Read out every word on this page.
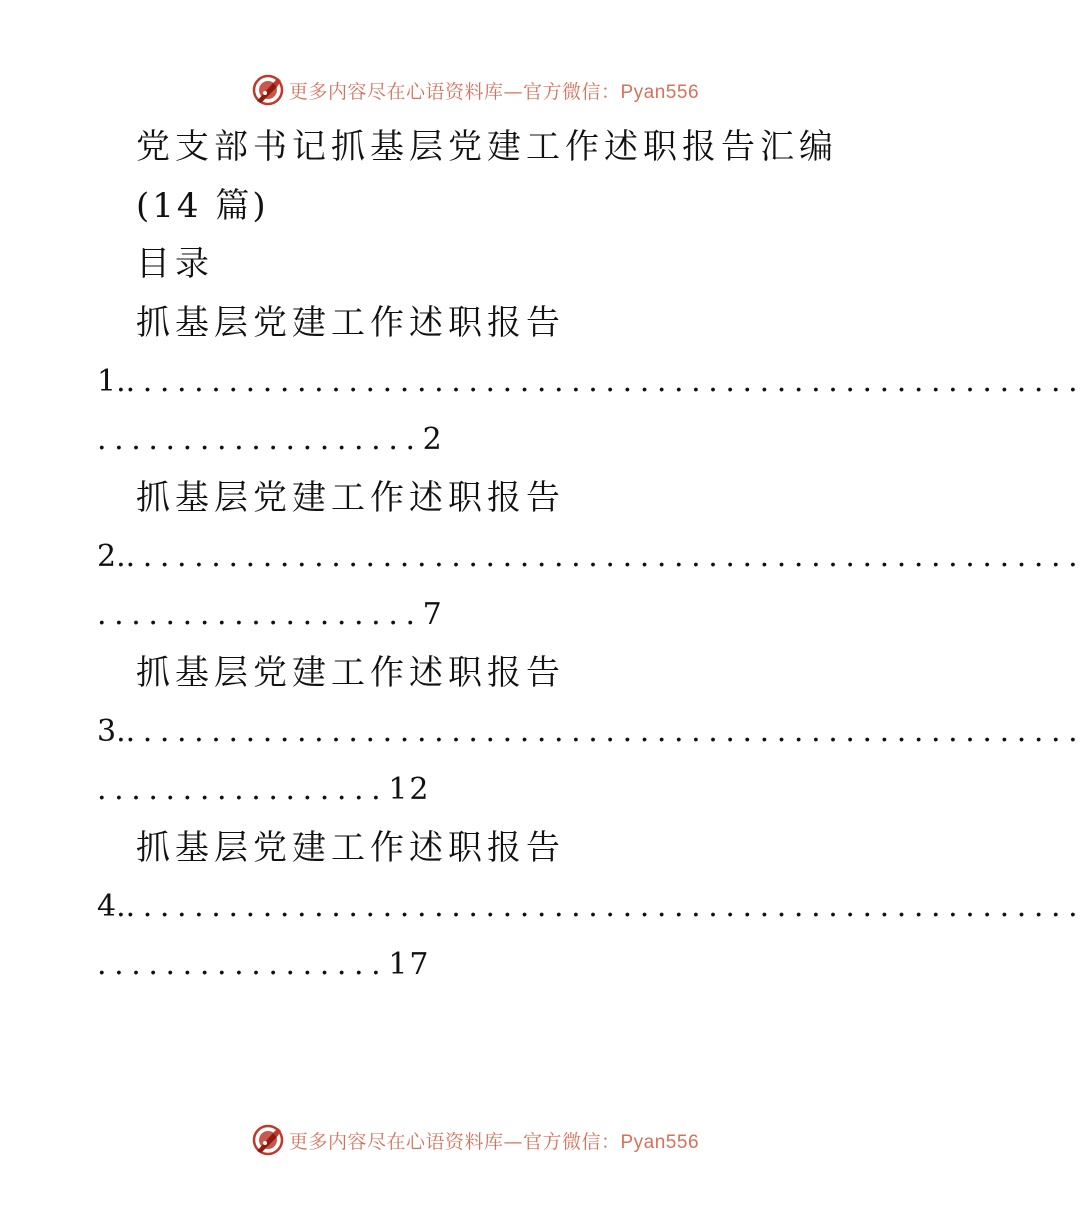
更多内容尽在心语资料库—官方微信：Pyan556
党支部书记抓基层党建工作述职报告汇编
(14 篇)
目录
抓基层党建工作述职报告
1. ........................................................
................... 2
抓基层党建工作述职报告
2. ........................................................
................... 7
抓基层党建工作述职报告
3. ........................................................
................. 12
抓基层党建工作述职报告
4. ........................................................
................. 17
更多内容尽在心语资料库—官方微信：Pyan556
